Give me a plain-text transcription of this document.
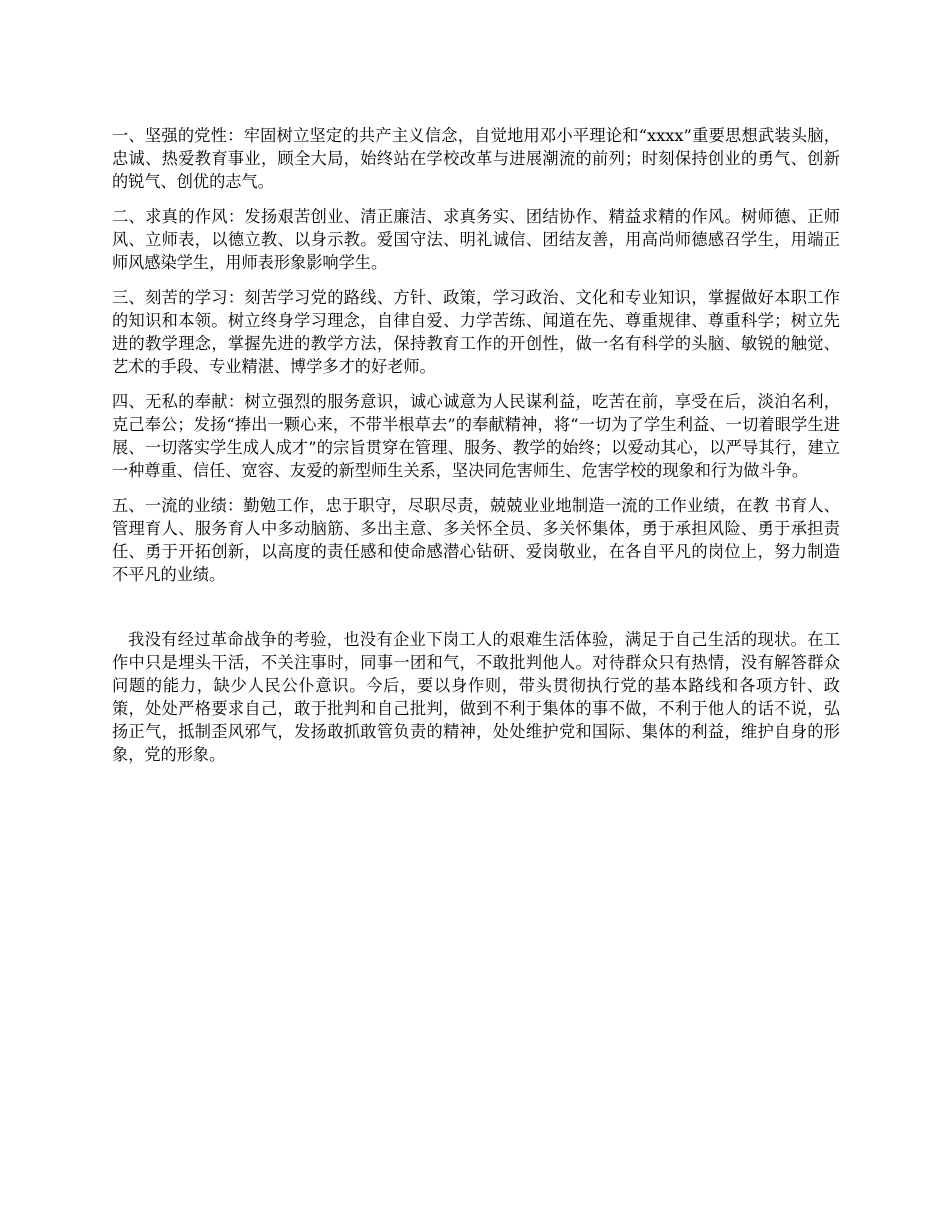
一、坚强的党性：牢固树立坚定的共产主义信念，自觉地用邓小平理论和“xxxx”重要思想武装头脑，忠诚、热爱教育事业，顾全大局，始终站在学校改革与进展潮流的前列；时刻保持创业的勇气、创新的锐气、创优的志气。

二、求真的作风：发扬艰苦创业、清正廉洁、求真务实、团结协作、精益求精的作风。树师德、正师风、立师表，以德立教、以身示教。爱国守法、明礼诚信、团结友善，用高尚师德感召学生，用端正师风感染学生，用师表形象影响学生。

三、刻苦的学习：刻苦学习党的路线、方针、政策，学习政治、文化和专业知识，掌握做好本职工作的知识和本领。树立终身学习理念，自律自爱、力学苦练、闻道在先、尊重规律、尊重科学；树立先进的教学理念，掌握先进的教学方法，保持教育工作的开创性，做一名有科学的头脑、敏锐的触觉、艺术的手段、专业精湛、博学多才的好老师。

四、无私的奉献：树立强烈的服务意识，诚心诚意为人民谋利益，吃苦在前，享受在后，淡泊名利，克己奉公；发扬“捧出一颗心来，不带半根草去”的奉献精神，将“一切为了学生利益、一切着眼学生进展、一切落实学生成人成才”的宗旨贯穿在管理、服务、教学的始终；以爱动其心，以严导其行，建立一种尊重、信任、宽容、友爱的新型师生关系，坚决同危害师生、危害学校的现象和行为做斗争。

五、一流的业绩：勤勉工作，忠于职守，尽职尽责，兢兢业业地制造一流的工作业绩，在教 书育人、管理育人、服务育人中多动脑筋、多出主意、多关怀全员、多关怀集体，勇于承担风险、勇于承担责任、勇于开拓创新，以高度的责任感和使命感潜心钻研、爱岗敬业，在各自平凡的岗位上，努力制造不平凡的业绩。

我没有经过革命战争的考验，也没有企业下岗工人的艰难生活体验，满足于自己生活的现状。在工作中只是埋头干活，不关注事时，同事一团和气，不敢批判他人。对待群众只有热情，没有解答群众问题的能力，缺少人民公仆意识。今后，要以身作则，带头贯彻执行党的基本路线和各项方针、政策，处处严格要求自己，敢于批判和自己批判，做到不利于集体的事不做，不利于他人的话不说，弘扬正气，抵制歪风邪气，发扬敢抓敢管负责的精神，处处维护党和国际、集体的利益，维护自身的形象，党的形象。
